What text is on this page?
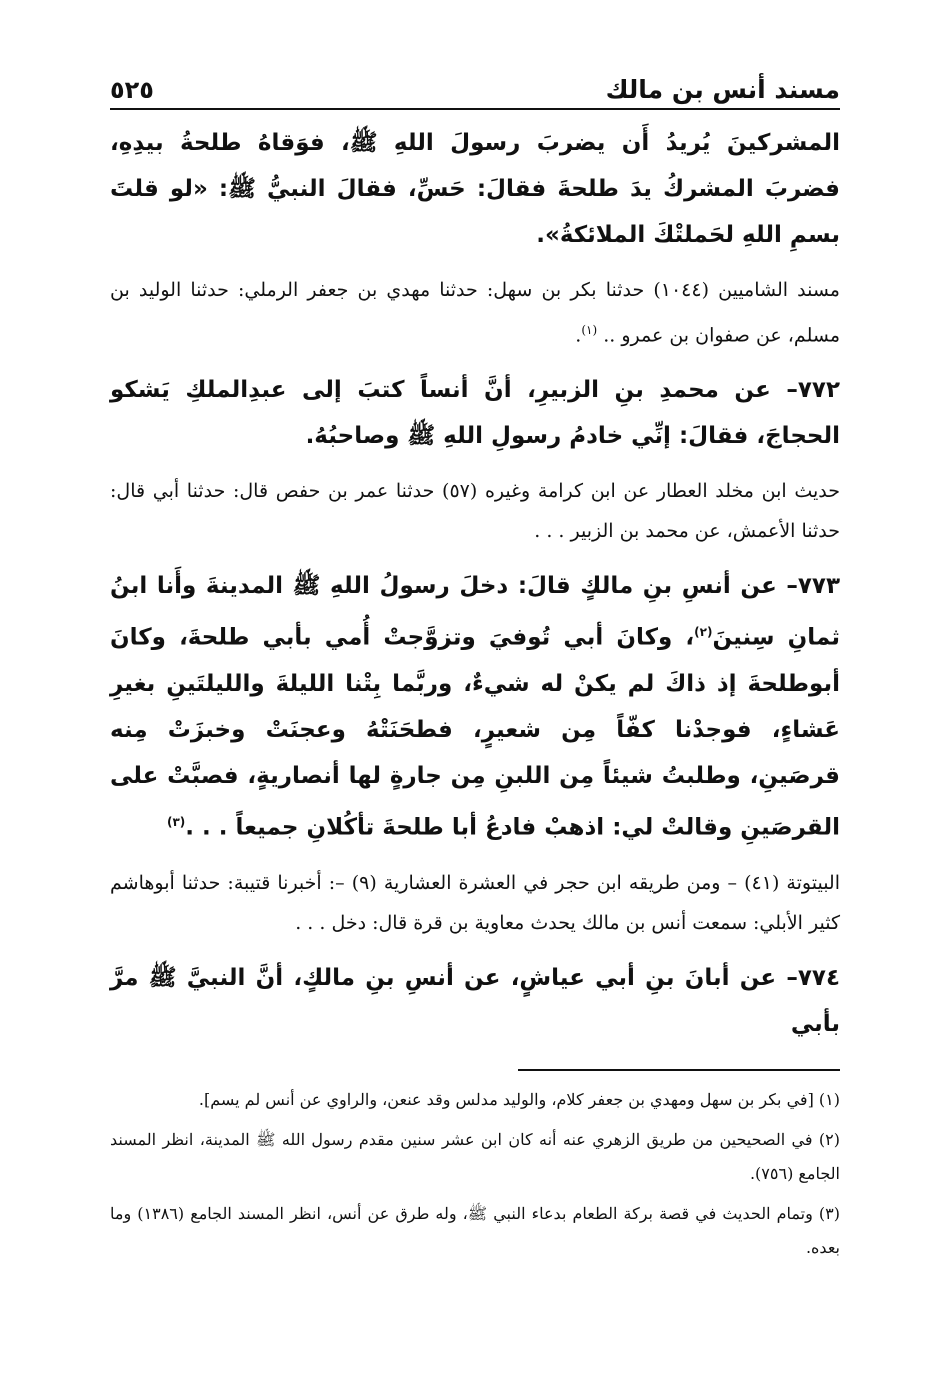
مسند أنس بن مالك
٥٢٥

المشركينَ يُريدُ أَن يضربَ رسولَ اللهِ ﷺ، فوَقاهُ طلحةُ بيدِهِ، فضربَ المشركُ يدَ طلحةَ فقالَ: حَسِّ، فقالَ النبيُّ ﷺ: «لو قلتَ بسمِ اللهِ لحَملتْكَ الملائكةُ».

مسند الشاميين (١٠٤٤) حدثنا بكر بن سهل: حدثنا مهدي بن جعفر الرملي: حدثنا الوليد بن مسلم، عن صفوان بن عمرو .. $^{(١)}$.

٧٧٢– عن محمدِ بنِ الزبيرِ، أنَّ أنساً كتبَ إلى عبدِالملكِ يَشكو الحجاجَ، فقالَ: إنِّي خادمُ رسولِ اللهِ ﷺ وصاحبُهُ.

حديث ابن مخلد العطار عن ابن كرامة وغيره (٥٧) حدثنا عمر بن حفص قال: حدثنا أبي قال: حدثنا الأعمش، عن محمد بن الزبير . . .

٧٧٣– عن أنسِ بنِ مالكٍ قالَ: دخلَ رسولُ اللهِ ﷺ المدينةَ وأَنا ابنُ ثمانِ سِنينَ$^{(٢)}$، وكانَ أبي تُوفيَ وتزوَّجتْ أُمي بأبي طلحةَ، وكانَ أبوطلحةَ إذ ذاكَ لم يكنْ له شيءٌ، وربَّما بِتْنا الليلةَ والليلتَينِ بغيرِ عَشاءٍ، فوجدْنا كفّاً مِن شعيرٍ، فطحَنَتْهُ وعجنَتْ وخبزَتْ مِنه قرصَينِ، وطلبتُ شيئاً مِن اللبنِ مِن جارةٍ لها أنصاريةٍ، فصبَّتْ على القرصَينِ وقالتْ لي: اذهبْ فادعُ أبا طلحةَ تأكُلانِ جميعاً . . .$^{(٣)}$

البيتوتة (٤١) – ومن طريقه ابن حجر في العشرة العشارية (٩) –: أخبرنا قتيبة: حدثنا أبوهاشم كثير الأبلي: سمعت أنس بن مالك يحدث معاوية بن قرة قال: دخل . . .

٧٧٤– عن أبانَ بنِ أبي عياشٍ، عن أنسِ بنِ مالكٍ، أنَّ النبيَّ ﷺ مرَّ بأبي

(١) [في بكر بن سهل ومهدي بن جعفر كلام، والوليد مدلس وقد عنعن، والراوي عن أنس لم يسم].

(٢) في الصحيحين من طريق الزهري عنه أنه كان ابن عشر سنين مقدم رسول الله ﷺ المدينة، انظر المسند الجامع (٧٥٦).

(٣) وتمام الحديث في قصة بركة الطعام بدعاء النبي ﷺ، وله طرق عن أنس، انظر المسند الجامع (١٣٨٦) وما بعده.
